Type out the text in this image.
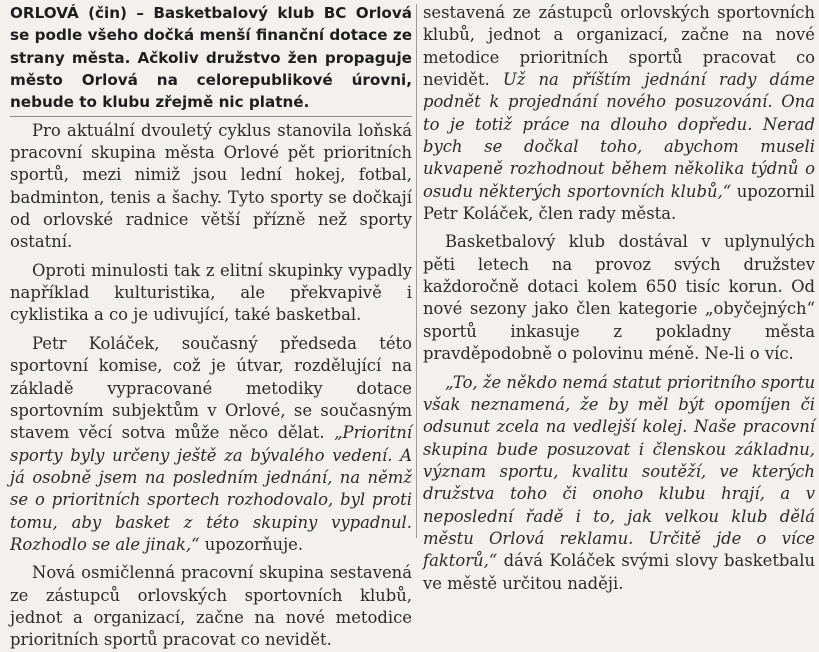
ORLOVÁ (čin) – Basketbalový klub BC Orlová se podle všeho dočká menší finanční dotace ze strany města. Ačkoliv družstvo žen propaguje město Orlová na celorepublikové úrovni, nebude to klubu zřejmě nic platné.

Pro aktuální dvouletý cyklus stanovila loňská pracovní skupina města Orlové pět prioritních sportů, mezi nimiž jsou lední hokej, fotbal, badminton, tenis a šachy. Tyto sporty se dočkají od orlovské radnice větší přízně než sporty ostatní.

Oproti minulosti tak z elitní skupinky vypadly například kulturistika, ale překvapivě i cyklistika a co je udivující, také basketbal.

Petr Koláček, současný předseda této sportovní komise, což je útvar, rozdělující na základě vypracované metodiky dotace sportovním subjektům v Orlové, se současným stavem věcí sotva může něco dělat. „Prioritní sporty byly určeny ještě za bývalého vedení. A já osobně jsem na posledním jednání, na němž se o prioritních sportech rozhodovalo, byl proti tomu, aby basket z této skupiny vypadnul. Rozhodlo se ale jinak,“ upozorňuje.

Nová osmičlenná pracovní skupina sestavená ze zástupců orlovských sportovních klubů, jednot a organizací, začne na nové metodice prioritních sportů pracovat co nevidět.

sestavená ze zástupců orlovských sportovních klubů, jednot a organizací, začne na nové metodice prioritních sportů pracovat co nevidět. Už na příštím jednání rady dáme podnět k projednání nového posuzování. Ona to je totiž práce na dlouho dopředu. Nerad bych se dočkal toho, abychom museli ukvapeně rozhodnout během několika týdnů o osudu některých sportovních klubů,“ upozornil Petr Koláček, člen rady města.

Basketbalový klub dostával v uplynulých pěti letech na provoz svých družstev každoročně dotaci kolem 650 tisíc korun. Od nové sezony jako člen kategorie „obyčejných“ sportů inkasuje z pokladny města pravděpodobně o polovinu méně. Ne-li o víc.

„To, že někdo nemá statut prioritního sportu však neznamená, že by měl být opomíjen či odsunut zcela na vedlejší kolej. Naše pracovní skupina bude posuzovat i členskou základnu, význam sportu, kvalitu soutěží, ve kterých družstva toho či onoho klubu hrají, a v neposlední řadě i to, jak velkou klub dělá městu Orlová reklamu. Určitě jde o více faktorů,“ dává Koláček svými slovy basketbalu ve městě určitou naději.
